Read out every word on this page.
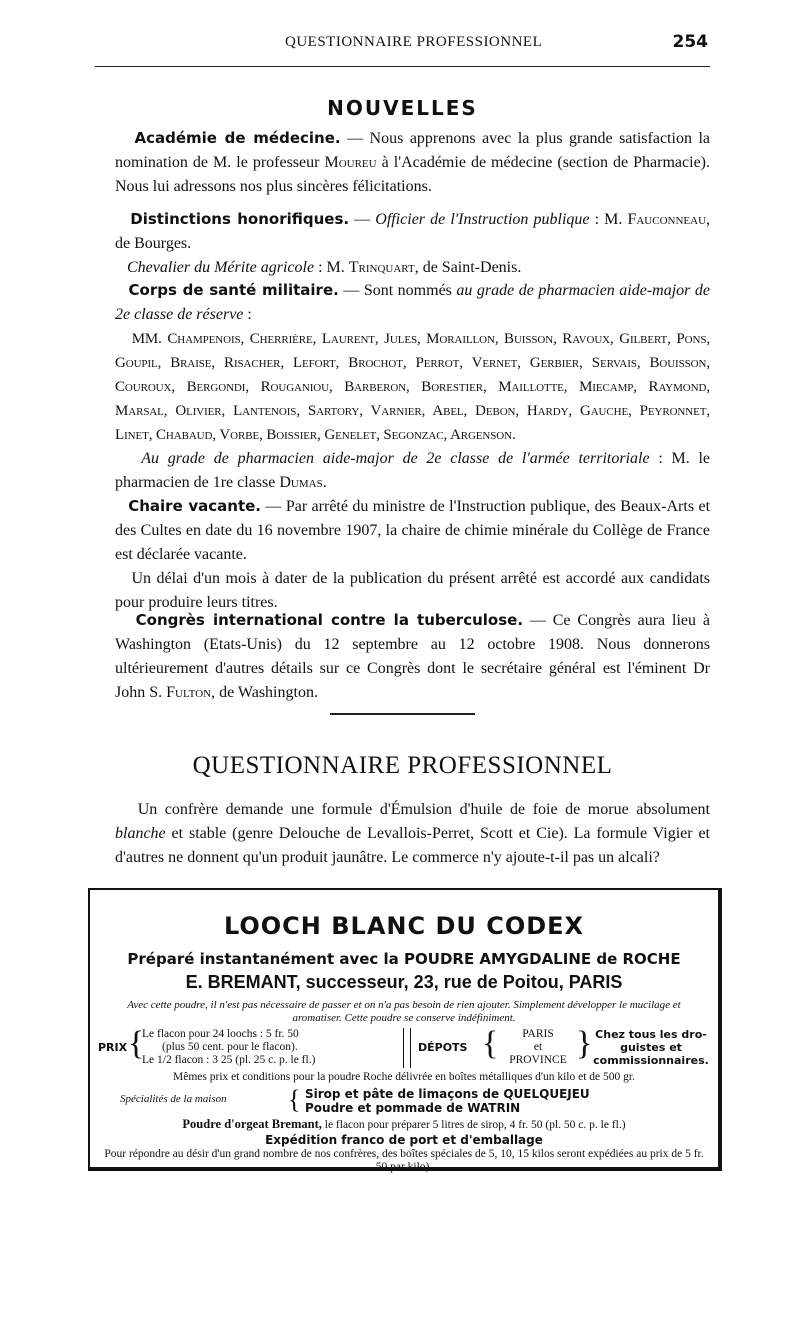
QUESTIONNAIRE PROFESSIONNEL	254
NOUVELLES

Académie de médecine. — Nous apprenons avec la plus grande satisfaction la nomination de M. le professeur Moureu à l'Académie de médecine (section de Pharmacie). Nous lui adressons nos plus sincères félicitations.

Distinctions honorifiques. — Officier de l'Instruction publique : M. Fauconneau, de Bourges.

Chevalier du Mérite agricole : M. Trinquart, de Saint-Denis.

Corps de santé militaire. — Sont nommés au grade de pharmacien aide-major de 2e classe de réserve :

MM. Champenois, Cherrière, Laurent, Jules, Moraillon, Buisson, Ravoux, Gilbert, Pons, Goupil, Braise, Risacher, Lefort, Brochot, Perrot, Vernet, Gerbier, Servais, Bouisson, Couroux, Bergondi, Rouganiou, Barberon, Borestier, Maillotte, Miecamp, Raymond, Marsal, Olivier, Lantenois, Sartory, Varnier, Abel, Debon, Hardy, Gauche, Peyronnet, Linet, Chabaud, Vorbe, Boissier, Genelet, Segonzac, Argenson.

Au grade de pharmacien aide-major de 2e classe de l'armée territoriale : M. le pharmacien de 1re classe Dumas.

Chaire vacante. — Par arrêté du ministre de l'Instruction publique, des Beaux-Arts et des Cultes en date du 16 novembre 1907, la chaire de chimie minérale du Collège de France est déclarée vacante.

Un délai d'un mois à dater de la publication du présent arrêté est accordé aux candidats pour produire leurs titres.

Congrès international contre la tuberculose. — Ce Congrès aura lieu à Washington (Etats-Unis) du 12 septembre au 12 octobre 1908. Nous donnerons ultérieurement d'autres détails sur ce Congrès dont le secrétaire général est l'éminent Dr John S. Fulton, de Washington.

QUESTIONNAIRE PROFESSIONNEL

Un confrère demande une formule d'Émulsion d'huile de foie de morue absolument blanche et stable (genre Delouche de Levallois-Perret, Scott et Cie). La formule Vigier et d'autres ne donnent qu'un produit jaunâtre. Le commerce n'y ajoute-t-il pas un alcali?

LOOCH BLANC DU CODEX
Préparé instantanément avec la POUDRE AMYGDALINE de ROCHE
E. BREMANT, successeur, 23, rue de Poitou, PARIS
Avec cette poudre, il n'est pas nécessaire de passer et on n'a pas besoin de rien ajouter. Simplement développer le mucilage et aromatiser. Cette poudre se conserve indéfiniment.
PRIX {
Le flacon pour 24 loochs : 5 fr. 50
(plus 50 cent. pour le flacon).
Le 1/2 flacon : 3 25 (pl. 25 c. p. le fl.)
DÉPOTS {	PARIS
et
PROVINCE } Chez tous les dro-
guistes et
commissionnaires.
Mêmes prix et conditions pour la poudre Roche délivrée en boîtes métalliques d'un kilo et de 500 gr.
Spécialités de la maison { Sirop et pâte de limaçons de QUELQUEJEU
Poudre et pommade de WATRIN
Poudre d'orgeat Bremant, le flacon pour préparer 5 litres de sirop, 4 fr. 50 (pl. 50 c. p. le fl.)
Expédition franco de port et d'emballage
Pour répondre au désir d'un grand nombre de nos confrères, des boîtes spéciales de 5, 10, 15 kilos seront expédiées au prix de 5 fr. 50 par kilo).
